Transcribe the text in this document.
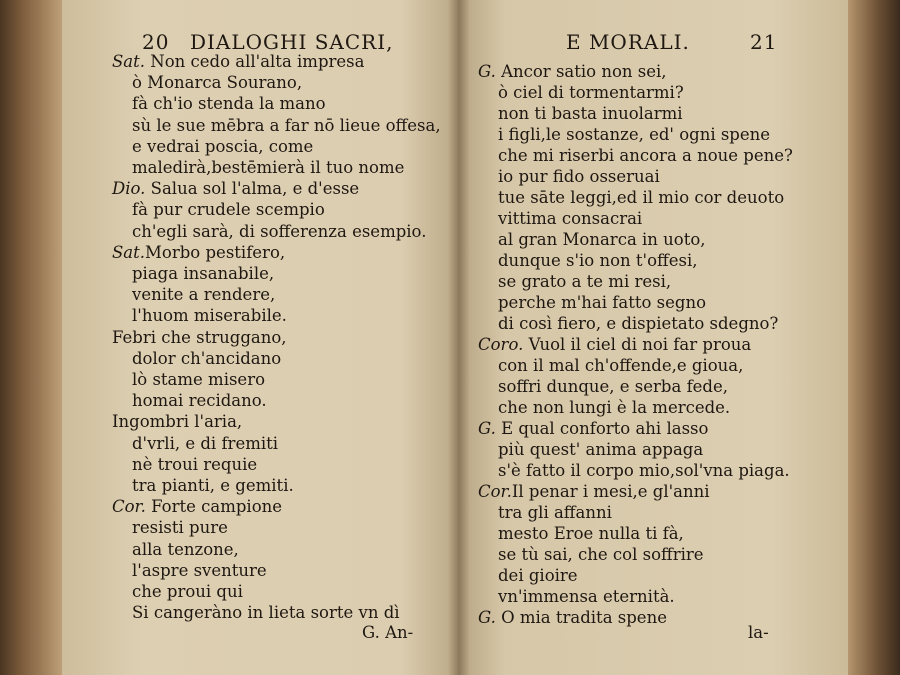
20 DIALOGHI SACRI,
Sat. Non cedo all'alta impresa
ò Monarca Sourano,
fà ch'io stenda la mano
sù le sue mēbra a far nō lieue offesa,
e vedrai poscia, come
maledirà,bestēmierà il tuo nome
Dio. Salua sol l'alma, e d'esse
fà pur crudele scempio
ch'egli sarà, di sofferenza esempio.
Sat.Morbo pestifero,
piaga insanabile,
venite a rendere,
l'huom miserabile.
Febri che struggano,
dolor ch'ancidano
lò stame misero
homai recidano.
Ingombri l'aria,
d'vrli, e di fremiti
nè troui requie
tra pianti, e gemiti.
Cor. Forte campione
resisti pure
alla tenzone,
l'aspre sventure
che proui qui
Si cangeràno in lieta sorte vn dì
G. An-
E MORALI.	21
G. Ancor satio non sei,
ò ciel di tormentarmi?
non ti basta inuolarmi
i figli,le sostanze, ed' ogni spene
che mi riserbi ancora a noue pene?
io pur fido osseruai
tue sāte leggi,ed il mio cor deuoto
vittima consacrai
al gran Monarca in uoto,
dunque s'io non t'offesi,
se grato a te mi resi,
perche m'hai fatto segno
di così fiero, e dispietato sdegno?
Coro. Vuol il ciel di noi far proua
con il mal ch'offende,e gioua,
soffri dunque, e serba fede,
che non lungi è la mercede.
G. E qual conforto ahi lasso
più quest' anima appaga
s'è fatto il corpo mio,sol'vna piaga.
Cor.Il penar i mesi,e gl'anni
tra gli affanni
mesto Eroe nulla ti fà,
se tù sai, che col soffrire
dei gioire
vn'immensa eternità.
G. O mia tradita spene
la-
